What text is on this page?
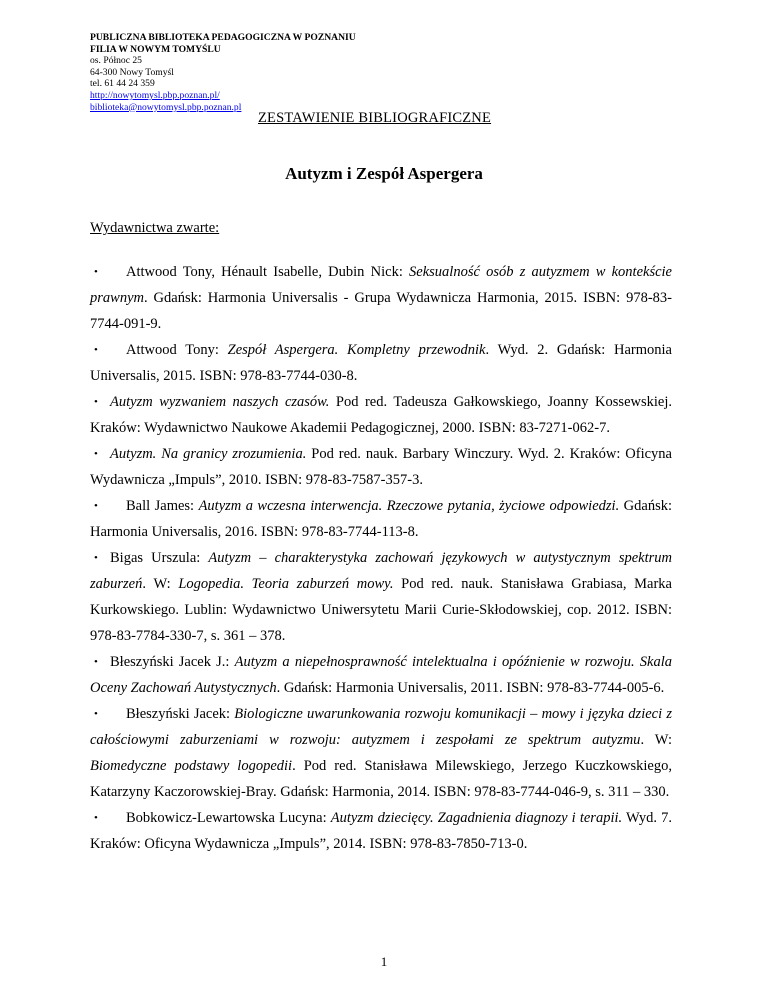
PUBLICZNA BIBLIOTEKA PEDAGOGICZNA W POZNANIU
FILIA W NOWYM TOMYŚLU
os. Północ 25
64-300 Nowy Tomyśl
tel. 61 44 24 359
http://nowytomysl.pbp.poznan.pl/
biblioteka@nowytomysl.pbp.poznan.pl
ZESTAWIENIE BIBLIOGRAFICZNE
Autyzm i Zespół Aspergera
Wydawnictwa zwarte:
• Attwood Tony, Hénault Isabelle, Dubin Nick: Seksualność osób z autyzmem w kontekście prawnym. Gdańsk: Harmonia Universalis - Grupa Wydawnicza Harmonia, 2015. ISBN: 978-83-7744-091-9.
• Attwood Tony: Zespół Aspergera. Kompletny przewodnik. Wyd. 2. Gdańsk: Harmonia Universalis, 2015. ISBN: 978-83-7744-030-8.
• Autyzm wyzwaniem naszych czasów. Pod red. Tadeusza Gałkowskiego, Joanny Kossewskiej. Kraków: Wydawnictwo Naukowe Akademii Pedagogicznej, 2000. ISBN: 83-7271-062-7.
• Autyzm. Na granicy zrozumienia. Pod red. nauk. Barbary Winczury. Wyd. 2. Kraków: Oficyna Wydawnicza „Impuls”, 2010. ISBN: 978-83-7587-357-3.
• Ball James: Autyzm a wczesna interwencja. Rzeczowe pytania, życiowe odpowiedzi. Gdańsk: Harmonia Universalis, 2016. ISBN: 978-83-7744-113-8.
• Bigas Urszula: Autyzm – charakterystyka zachowań językowych w autystycznym spektrum zaburzeń. W: Logopedia. Teoria zaburzeń mowy. Pod red. nauk. Stanisława Grabiasa, Marka Kurkowskiego. Lublin: Wydawnictwo Uniwersytetu Marii Curie-Skłodowskiej, cop. 2012. ISBN: 978-83-7784-330-7, s. 361 – 378.
• Błeszyński Jacek J.: Autyzm a niepełnosprawność intelektualna i opóźnienie w rozwoju. Skala Oceny Zachowań Autystycznych. Gdańsk: Harmonia Universalis, 2011. ISBN: 978-83-7744-005-6.
• Błeszyński Jacek: Biologiczne uwarunkowania rozwoju komunikacji – mowy i języka dzieci z całościowymi zaburzeniami w rozwoju: autyzmem i zespołami ze spektrum autyzmu. W: Biomedyczne podstawy logopedii. Pod red. Stanisława Milewskiego, Jerzego Kuczkowskiego, Katarzyny Kaczorowskiej-Bray. Gdańsk: Harmonia, 2014. ISBN: 978-83-7744-046-9, s. 311 – 330.
• Bobkowicz-Lewartowska Lucyna: Autyzm dziecięcy. Zagadnienia diagnozy i terapii. Wyd. 7. Kraków: Oficyna Wydawnicza „Impuls”, 2014. ISBN: 978-83-7850-713-0.
1
